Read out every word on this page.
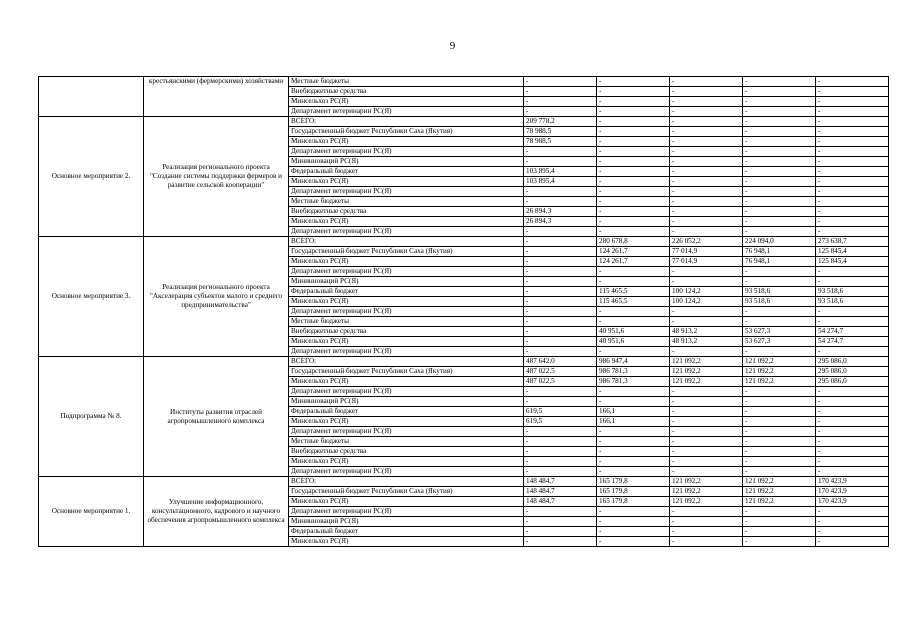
9
	крестьянскими (фермерскими) хозяйствами	Местные бюджеты	-	-	-	-	-
		Внебюджетные средства	-	-	-	-	-
		Минсельхоз РС(Я)	-	-	-	-	-
		Департамент ветеринарии РС(Я)	-	-	-	-	-
Основное мероприятие 2.	Реализация регионального проекта "Создание системы поддержки фермеров и развитие сельской кооперации"	ВСЕГО:	209 778,2	-	-	-	-
		Государственный бюджет Республики Саха (Якутия)	78 988,5	-	-	-	-
		Минсельхоз РС(Я)	78 988,5	-	-	-	-
		Департамент ветеринарии РС(Я)	-	-	-	-	-
		Мининноваций РС(Я)	-	-	-	-	-
		Федеральный бюджет	103 895,4	-	-	-	-
		Минсельхоз РС(Я)	103 895,4	-	-	-	-
		Департамент ветеринарии РС(Я)	-	-	-	-	-
		Местные бюджеты	-	-	-	-	-
		Внебюджетные средства	26 894,3	-	-	-	-
		Минсельхоз РС(Я)	26 894,3	-	-	-	-
		Департамент ветеринарии РС(Я)	-	-	-	-	-
Основное мероприятие 3.	Реализация регионального проекта "Акселерация субъектов малого и среднего предпринимательства"	ВСЕГО:	-	280 678,8	226 052,2	224 094,0	273 638,7
		Государственный бюджет Республики Саха (Якутия)	-	124 261,7	77 014,9	76 948,1	125 845,4
		Минсельхоз РС(Я)	-	124 261,7	77 014,9	76 948,1	125 845,4
		Департамент ветеринарии РС(Я)	-	-	-	-	-
		Мининноваций РС(Я)	-	-	-	-	-
		Федеральный бюджет	-	115 465,5	100 124,2	93 518,6	93 518,6
		Минсельхоз РС(Я)	-	115 465,5	100 124,2	93 518,6	93 518,6
		Департамент ветеринарии РС(Я)	-	-	-	-	-
		Местные бюджеты	-	-	-	-	-
		Внебюджетные средства	-	40 951,6	48 913,2	53 627,3	54 274,7
		Минсельхоз РС(Я)	-	40 951,6	48 913,2	53 627,3	54 274,7
		Департамент ветеринарии РС(Я)	-	-	-	-	-
Подпрограмма № 8.	Институты развития отраслей агропромышленного комплекса	ВСЕГО:	487 642,0	986 947,4	121 092,2	121 092,2	295 086,0
		Государственный бюджет Республики Саха (Якутия)	487 022,5	986 781,3	121 092,2	121 092,2	295 086,0
		Минсельхоз РС(Я)	487 022,5	986 781,3	121 092,2	121 092,2	295 086,0
		Департамент ветеринарии РС(Я)	-	-	-	-	-
		Мининноваций РС(Я)	-	-	-	-	-
		Федеральный бюджет	619,5	166,1	-	-	-
		Минсельхоз РС(Я)	619,5	166,1	-	-	-
		Департамент ветеринарии РС(Я)	-	-	-	-	-
		Местные бюджеты	-	-	-	-	-
		Внебюджетные средства	-	-	-	-	-
		Минсельхоз РС(Я)	-	-	-	-	-
		Департамент ветеринарии РС(Я)	-	-	-	-	-
Основное мероприятие 1.	Улучшение информационного, консультационного, кадрового и научного обеспечения агропромышленного комплекса	ВСЕГО:	148 484,7	165 179,8	121 092,2	121 092,2	170 423,9
		Государственный бюджет Республики Саха (Якутия)	148 484,7	165 179,8	121 092,2	121 092,2	170 423,9
		Минсельхоз РС(Я)	148 484,7	165 179,8	121 092,2	121 092,2	170 423,9
		Департамент ветеринарии РС(Я)	-	-	-	-	-
		Мининноваций РС(Я)	-	-	-	-	-
		Федеральный бюджет	-	-	-	-	-
		Минсельхоз РС(Я)	-	-	-	-	-
